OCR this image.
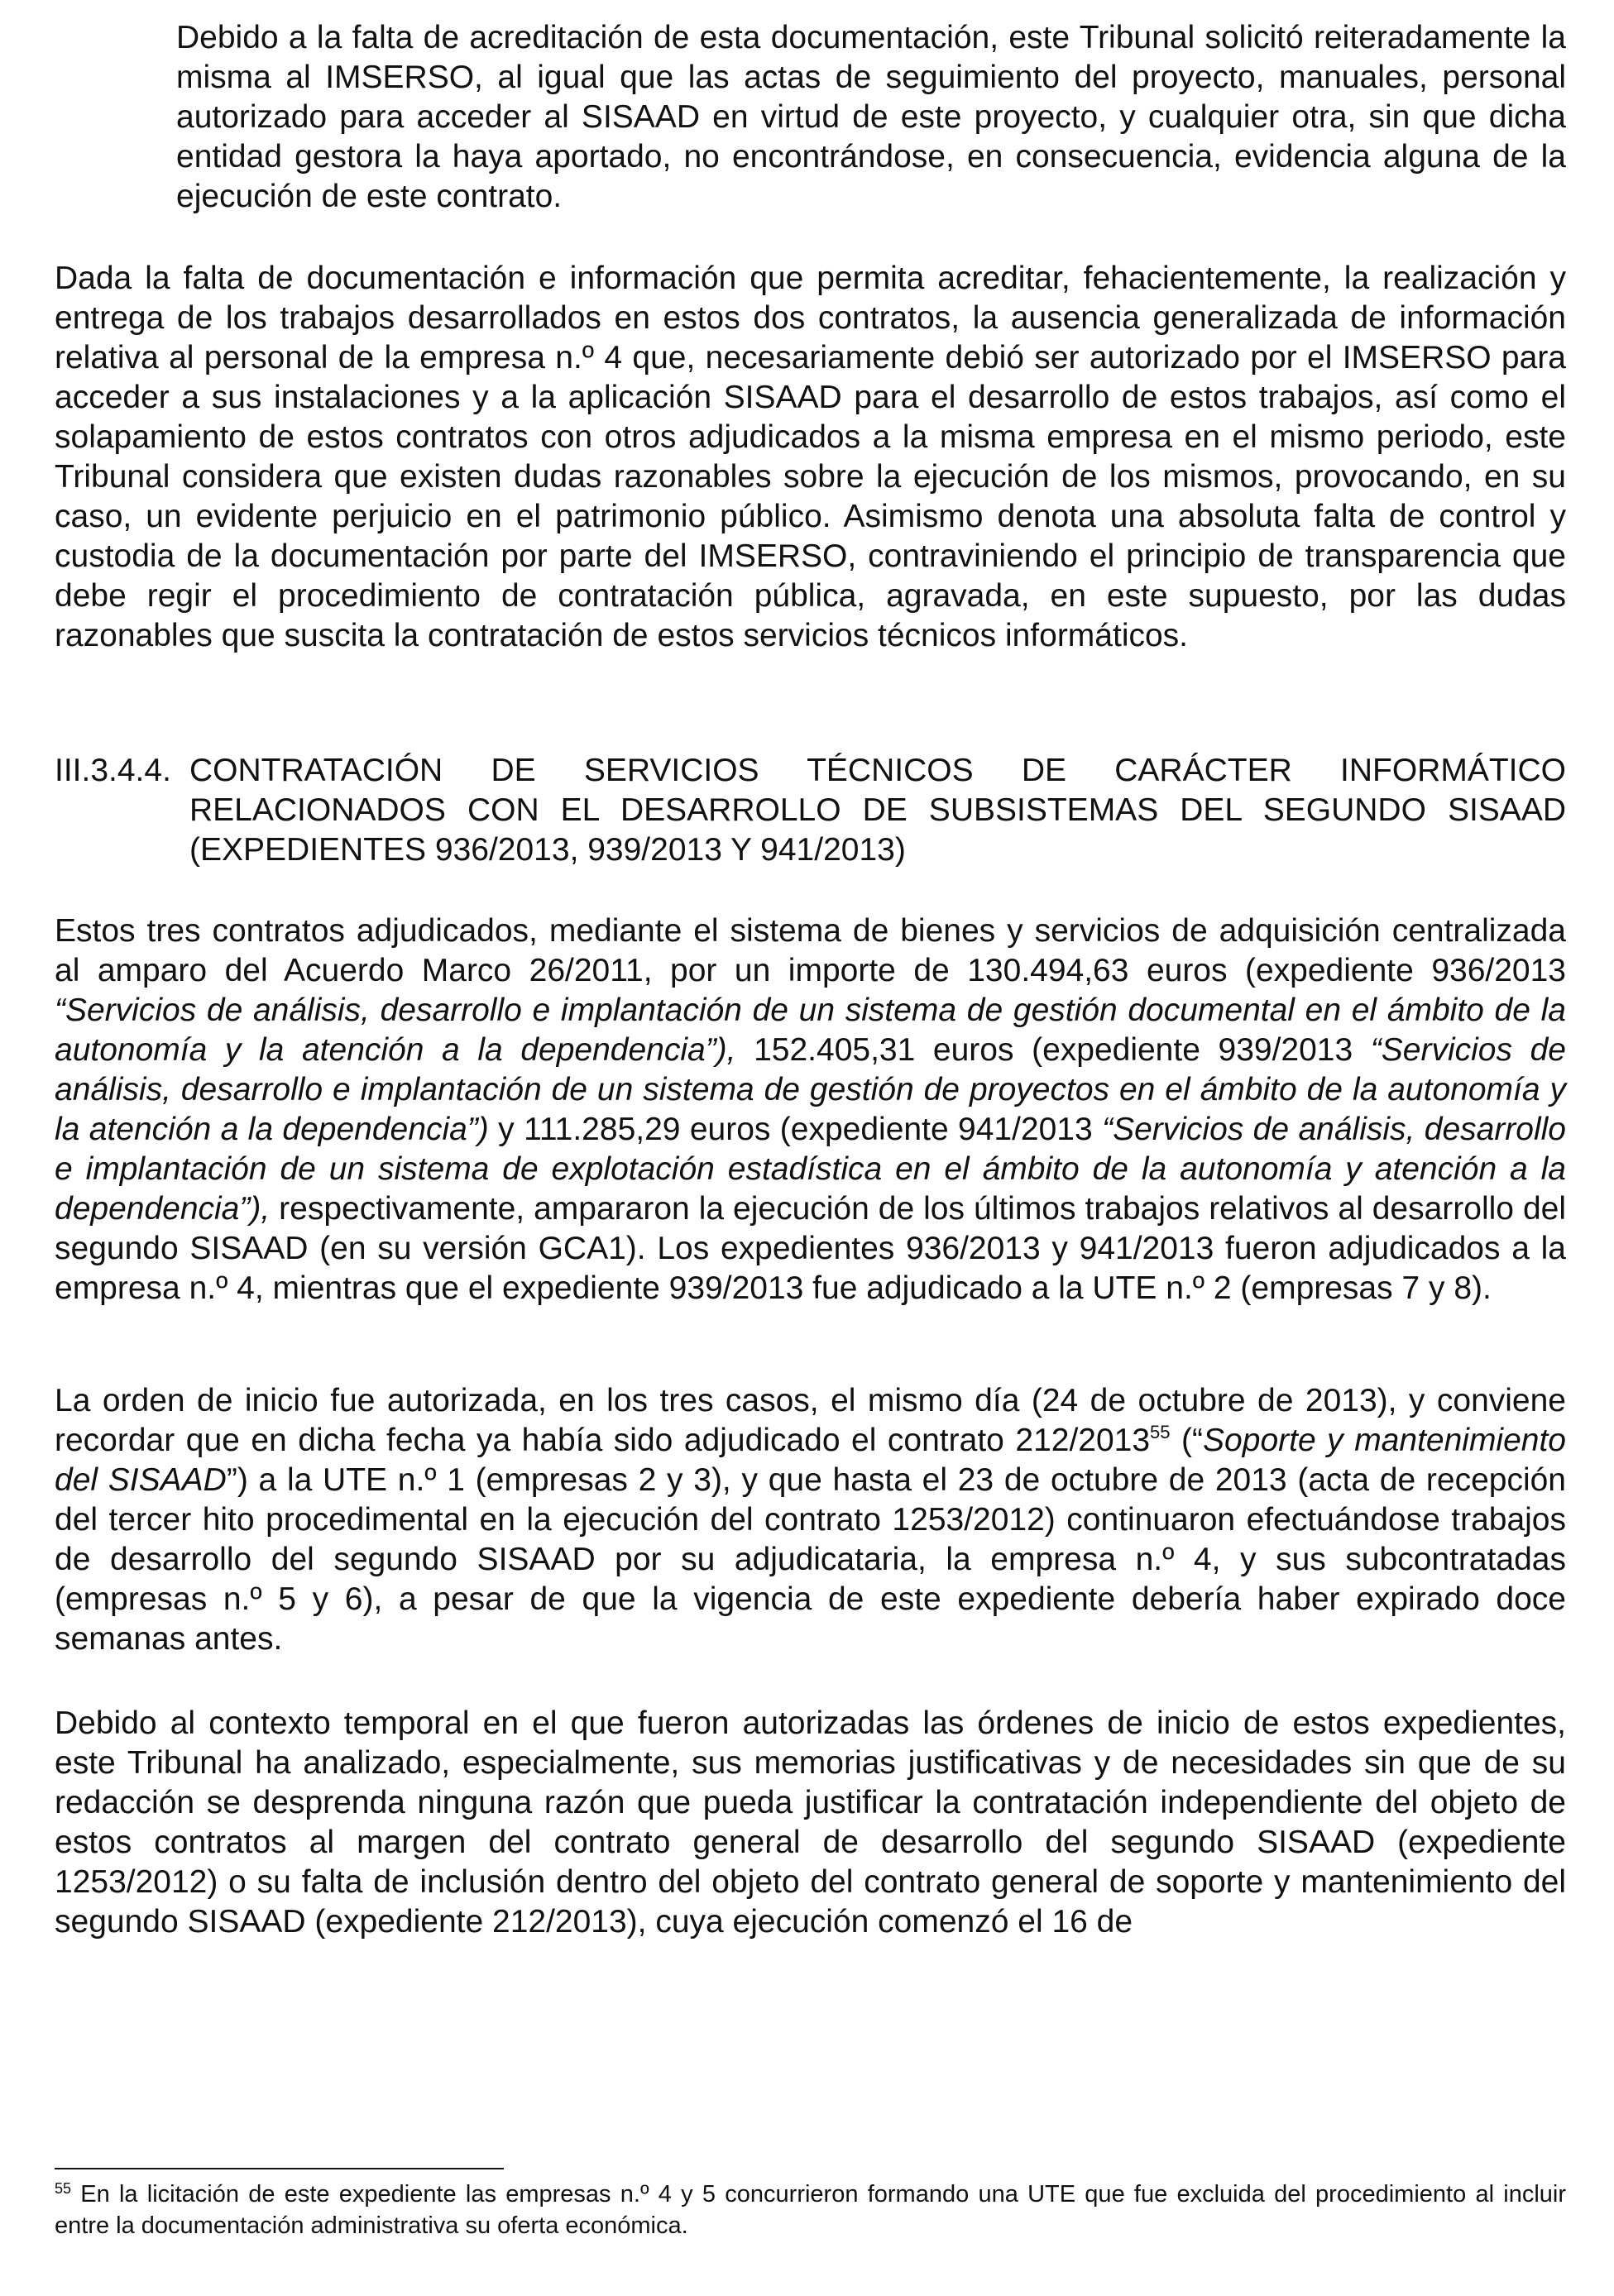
Debido a la falta de acreditación de esta documentación, este Tribunal solicitó reiteradamente la misma al IMSERSO, al igual que las actas de seguimiento del proyecto, manuales, personal autorizado para acceder al SISAAD en virtud de este proyecto, y cualquier otra, sin que dicha entidad gestora la haya aportado, no encontrándose, en consecuencia, evidencia alguna de la ejecución de este contrato.

Dada la falta de documentación e información que permita acreditar, fehacientemente, la realización y entrega de los trabajos desarrollados en estos dos contratos, la ausencia generalizada de información relativa al personal de la empresa n.º 4 que, necesariamente debió ser autorizado por el IMSERSO para acceder a sus instalaciones y a la aplicación SISAAD para el desarrollo de estos trabajos, así como el solapamiento de estos contratos con otros adjudicados a la misma empresa en el mismo periodo, este Tribunal considera que existen dudas razonables sobre la ejecución de los mismos, provocando, en su caso, un evidente perjuicio en el patrimonio público. Asimismo denota una absoluta falta de control y custodia de la documentación por parte del IMSERSO, contraviniendo el principio de transparencia que debe regir el procedimiento de contratación pública, agravada, en este supuesto, por las dudas razonables que suscita la contratación de estos servicios técnicos informáticos.

III.3.4.4. CONTRATACIÓN DE SERVICIOS TÉCNICOS DE CARÁCTER INFORMÁTICO RELACIONADOS CON EL DESARROLLO DE SUBSISTEMAS DEL SEGUNDO SISAAD (EXPEDIENTES 936/2013, 939/2013 Y 941/2013)

Estos tres contratos adjudicados, mediante el sistema de bienes y servicios de adquisición centralizada al amparo del Acuerdo Marco 26/2011, por un importe de 130.494,63 euros (expediente 936/2013 “Servicios de análisis, desarrollo e implantación de un sistema de gestión documental en el ámbito de la autonomía y la atención a la dependencia”), 152.405,31 euros (expediente 939/2013 “Servicios de análisis, desarrollo e implantación de un sistema de gestión de proyectos en el ámbito de la autonomía y la atención a la dependencia”) y 111.285,29 euros (expediente 941/2013 “Servicios de análisis, desarrollo e implantación de un sistema de explotación estadística en el ámbito de la autonomía y atención a la dependencia”), respectivamente, ampararon la ejecución de los últimos trabajos relativos al desarrollo del segundo SISAAD (en su versión GCA1). Los expedientes 936/2013 y 941/2013 fueron adjudicados a la empresa n.º 4, mientras que el expediente 939/2013 fue adjudicado a la UTE n.º 2 (empresas 7 y 8).

La orden de inicio fue autorizada, en los tres casos, el mismo día (24 de octubre de 2013), y conviene recordar que en dicha fecha ya había sido adjudicado el contrato 212/2013$^{55}$ (“Soporte y mantenimiento del SISAAD”) a la UTE n.º 1 (empresas 2 y 3), y que hasta el 23 de octubre de 2013 (acta de recepción del tercer hito procedimental en la ejecución del contrato 1253/2012) continuaron efectuándose trabajos de desarrollo del segundo SISAAD por su adjudicataria, la empresa n.º 4, y sus subcontratadas (empresas n.º 5 y 6), a pesar de que la vigencia de este expediente debería haber expirado doce semanas antes.

Debido al contexto temporal en el que fueron autorizadas las órdenes de inicio de estos expedientes, este Tribunal ha analizado, especialmente, sus memorias justificativas y de necesidades sin que de su redacción se desprenda ninguna razón que pueda justificar la contratación independiente del objeto de estos contratos al margen del contrato general de desarrollo del segundo SISAAD (expediente 1253/2012) o su falta de inclusión dentro del objeto del contrato general de soporte y mantenimiento del segundo SISAAD (expediente 212/2013), cuya ejecución comenzó el 16 de

$^{55}$ En la licitación de este expediente las empresas n.º 4 y 5 concurrieron formando una UTE que fue excluida del procedimiento al incluir entre la documentación administrativa su oferta económica.
